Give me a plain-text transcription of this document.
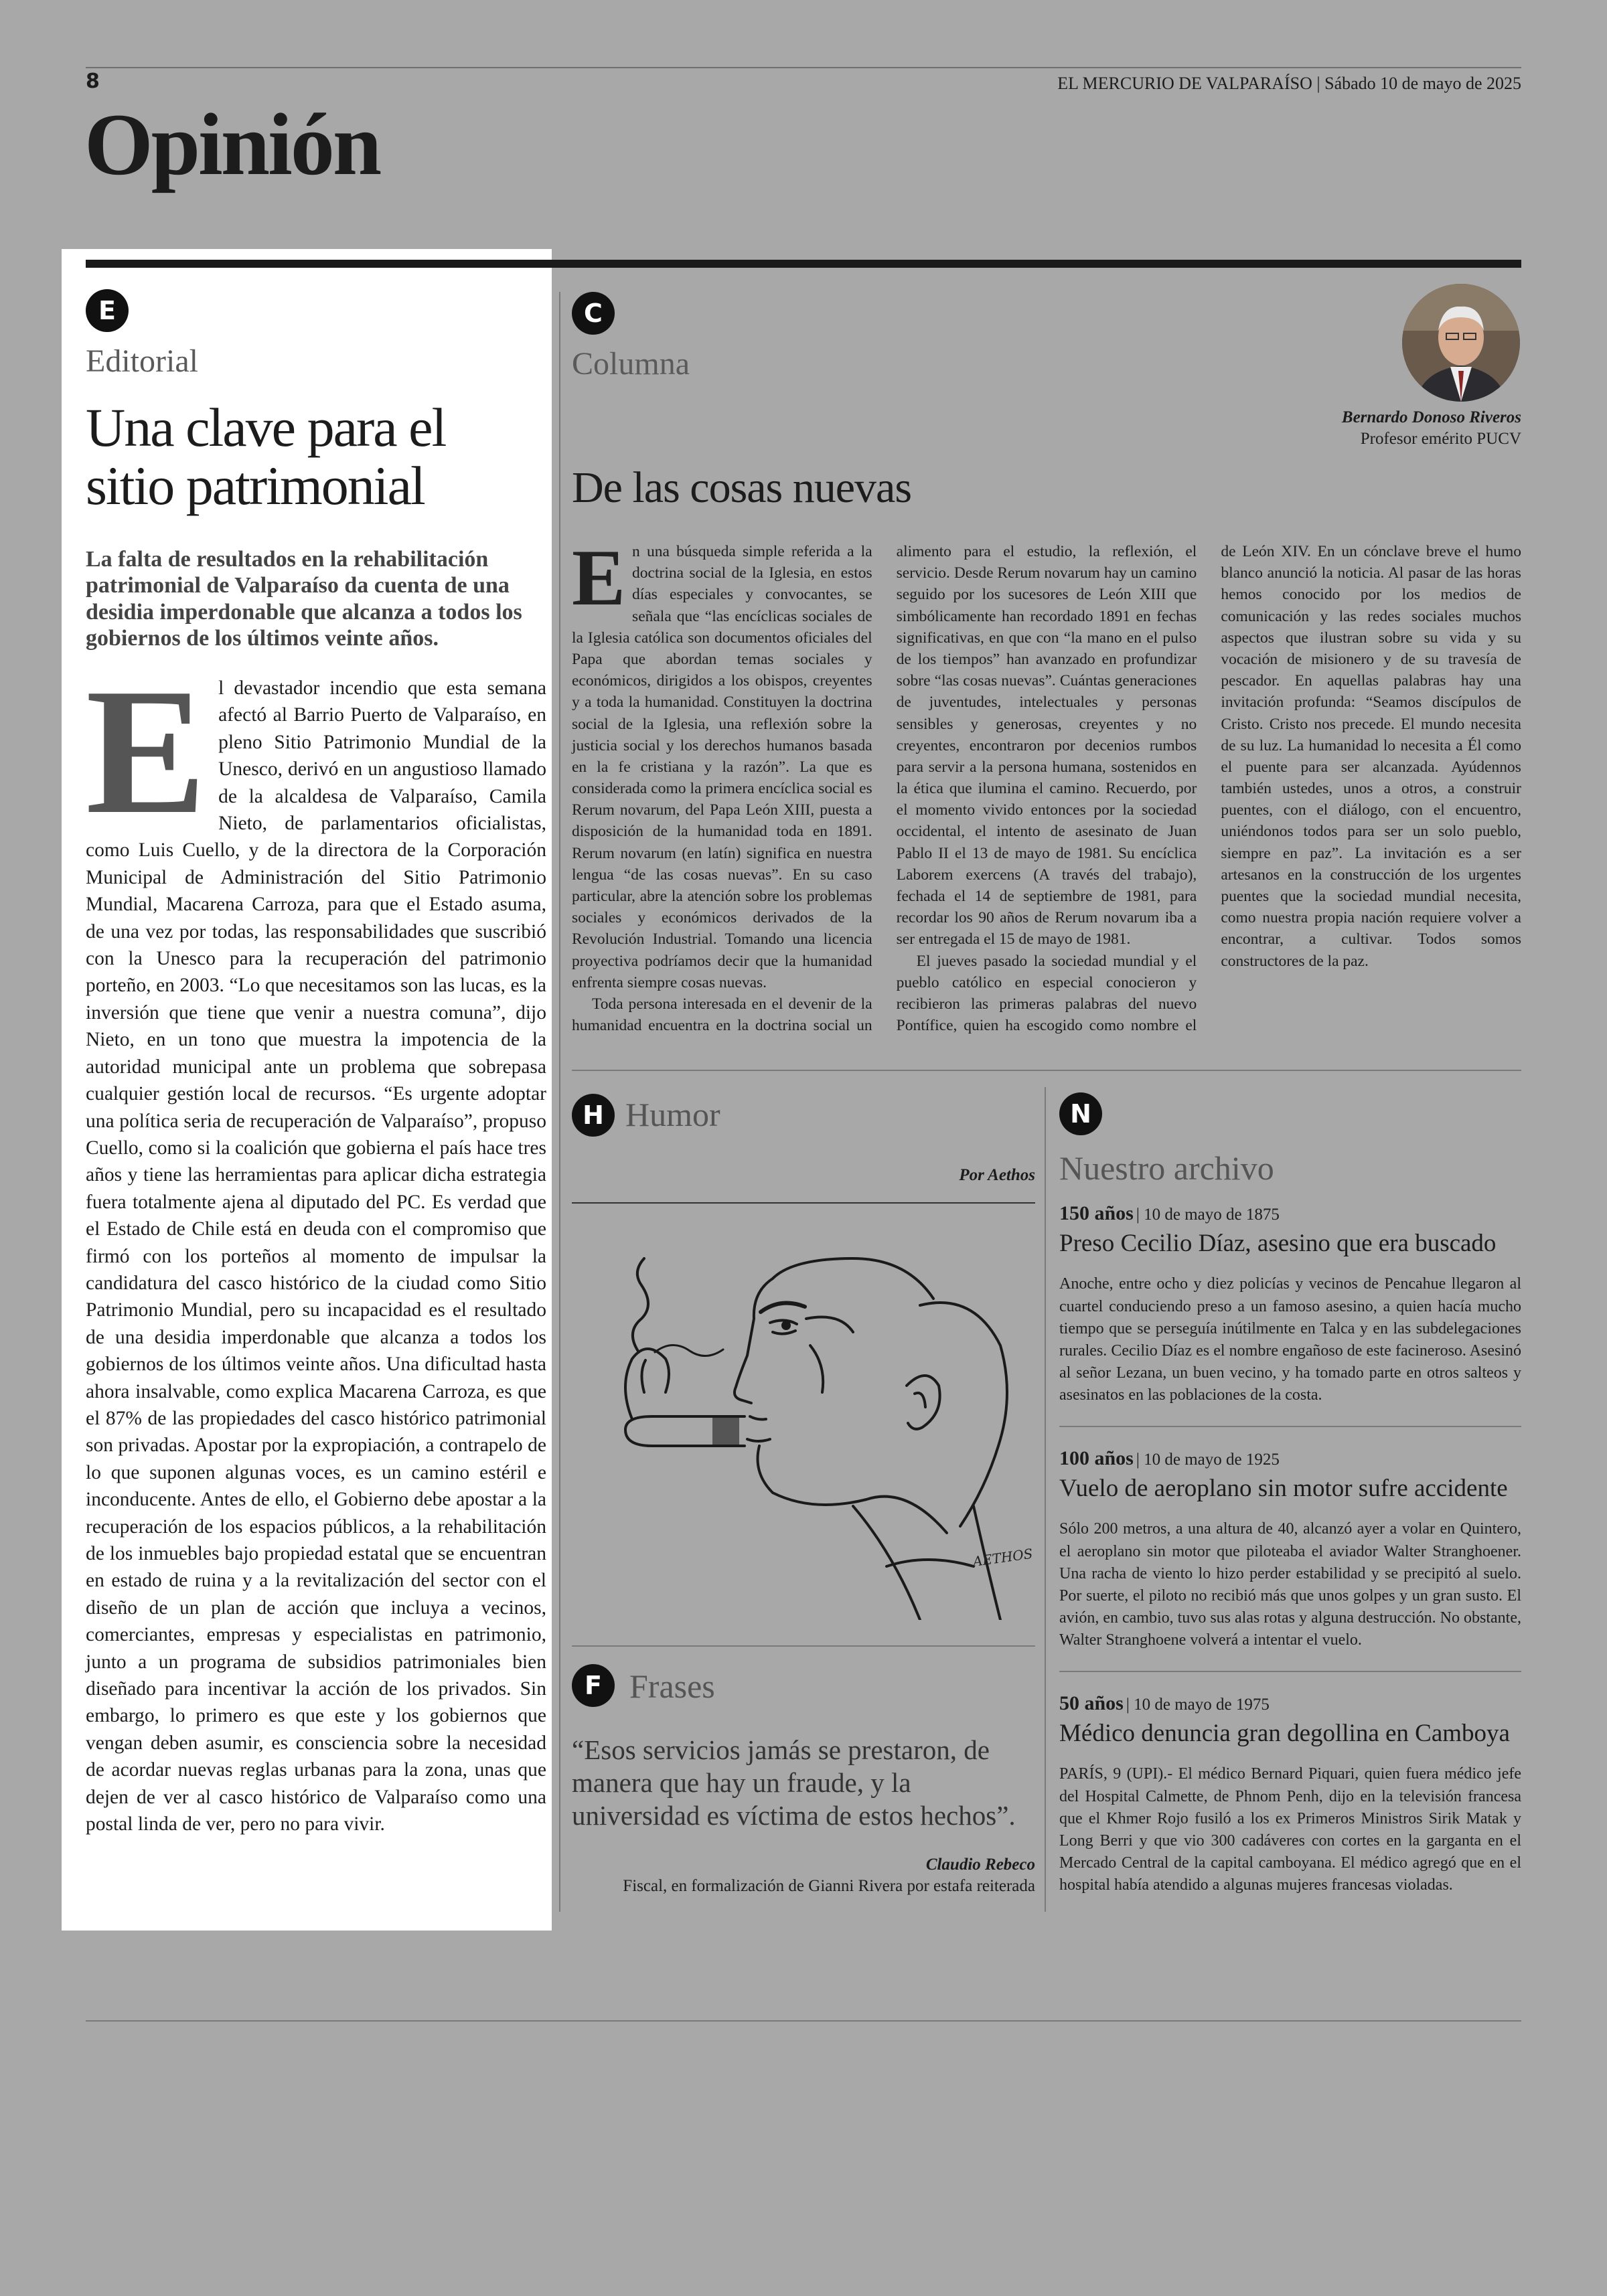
8	EL MERCURIO DE VALPARAÍSO | Sábado 10 de mayo de 2025
Opinión
E
Editorial
Una clave para el sitio patrimonial
La falta de resultados en la rehabilitación patrimonial de Valparaíso da cuenta de una desidia imperdonable que alcanza a todos los gobiernos de los últimos veinte años.
El devastador incendio que esta semana afectó al Barrio Puerto de Valparaíso, en pleno Sitio Patrimonio Mundial de la Unesco, derivó en un angustioso llamado de la alcaldesa de Valparaíso, Camila Nieto, de parlamentarios oficialistas, como Luis Cuello, y de la directora de la Corporación Municipal de Administración del Sitio Patrimonio Mundial, Macarena Carroza, para que el Estado asuma, de una vez por todas, las responsabilidades que suscribió con la Unesco para la recuperación del patrimonio porteño, en 2003. “Lo que necesitamos son las lucas, es la inversión que tiene que venir a nuestra comuna”, dijo Nieto, en un tono que muestra la impotencia de la autoridad municipal ante un problema que sobrepasa cualquier gestión local de recursos. “Es urgente adoptar una política seria de recuperación de Valparaíso”, propuso Cuello, como si la coalición que gobierna el país hace tres años y tiene las herramientas para aplicar dicha estrategia fuera totalmente ajena al diputado del PC. Es verdad que el Estado de Chile está en deuda con el compromiso que firmó con los porteños al momento de impulsar la candidatura del casco histórico de la ciudad como Sitio Patrimonio Mundial, pero su incapacidad es el resultado de una desidia imperdonable que alcanza a todos los gobiernos de los últimos veinte años. Una dificultad hasta ahora insalvable, como explica Macarena Carroza, es que el 87% de las propiedades del casco histórico patrimonial son privadas. Apostar por la expropiación, a contrapelo de lo que suponen algunas voces, es un camino estéril e inconducente. Antes de ello, el Gobierno debe apostar a la recuperación de los espacios públicos, a la rehabilitación de los inmuebles bajo propiedad estatal que se encuentran en estado de ruina y a la revitalización del sector con el diseño de un plan de acción que incluya a vecinos, comerciantes, empresas y especialistas en patrimonio, junto a un programa de subsidios patrimoniales bien diseñado para incentivar la acción de los privados. Sin embargo, lo primero es que este y los gobiernos que vengan deben asumir, es consciencia sobre la necesidad de acordar nuevas reglas urbanas para la zona, unas que dejen de ver al casco histórico de Valparaíso como una postal linda de ver, pero no para vivir.
C
Columna
Bernardo Donoso Riveros
Profesor emérito PUCV
De las cosas nuevas

En una búsqueda simple referida a la doctrina social de la Iglesia, en estos días especiales y convocantes, se señala que “las encíclicas sociales de la Iglesia católica son documentos oficiales del Papa que abordan temas sociales y económicos, dirigidos a los obispos, creyentes y a toda la humanidad. Constituyen la doctrina social de la Iglesia, una reflexión sobre la justicia social y los derechos humanos basada en la fe cristiana y la razón”. La que es considerada como la primera encíclica social es Rerum novarum, del Papa León XIII, puesta a disposición de la humanidad toda en 1891. Rerum novarum (en latín) significa en nuestra lengua “de las cosas nuevas”. En su caso particular, abre la atención sobre los problemas sociales y económicos derivados de la Revolución Industrial. Tomando una licencia proyectiva podríamos decir que la humanidad enfrenta siempre cosas nuevas.

Toda persona interesada en el devenir de la humanidad encuentra en la doctrina social un alimento para el estudio, la reflexión, el servicio. Desde Rerum novarum hay un camino seguido por los sucesores de León XIII que simbólicamente han recordado 1891 en fechas significativas, en que con “la mano en el pulso de los tiempos” han avanzado en profundizar sobre “las cosas nuevas”. Cuántas generaciones de juventudes, intelectuales y personas sensibles y generosas, creyentes y no creyentes, encontraron por decenios rumbos para servir a la persona humana, sostenidos en la ética que ilumina el camino. Recuerdo, por el momento vivido entonces por la sociedad occidental, el intento de asesinato de Juan Pablo II el 13 de mayo de 1981. Su encíclica Laborem exercens (A través del trabajo), fechada el 14 de septiembre de 1981, para recordar los 90 años de Rerum novarum iba a ser entregada el 15 de mayo de 1981.

El jueves pasado la sociedad mundial y el pueblo católico en especial conocieron y recibieron las primeras palabras del nuevo Pontífice, quien ha escogido como nombre el de León XIV. En un cónclave breve el humo blanco anunció la noticia. Al pasar de las horas hemos conocido por los medios de comunicación y las redes sociales muchos aspectos que ilustran sobre su vida y su vocación de misionero y de su travesía de pescador. En aquellas palabras hay una invitación profunda: “Seamos discípulos de Cristo. Cristo nos precede. El mundo necesita de su luz. La humanidad lo necesita a Él como el puente para ser alcanzada. Ayúdennos también ustedes, unos a otros, a construir puentes, con el diálogo, con el encuentro, uniéndonos todos para ser un solo pueblo, siempre en paz”. La invitación es a ser artesanos en la construcción de los urgentes puentes que la sociedad mundial necesita, como nuestra propia nación requiere volver a encontrar, a cultivar. Todos somos constructores de la paz.

H Humor
Por Aethos
AETHOS
F Frases
“Esos servicios jamás se prestaron, de manera que hay un fraude, y la universidad es víctima de estos hechos”.
Claudio Rebeco
Fiscal, en formalización de Gianni Rivera por estafa reiterada
N
Nuestro archivo
150 años | 10 de mayo de 1875
Preso Cecilio Díaz, asesino que era buscado
Anoche, entre ocho y diez policías y vecinos de Pencahue llegaron al cuartel conduciendo preso a un famoso asesino, a quien hacía mucho tiempo que se perseguía inútilmente en Talca y en las subdelegaciones rurales. Cecilio Díaz es el nombre engañoso de este facineroso. Asesinó al señor Lezana, un buen vecino, y ha tomado parte en otros salteos y asesinatos en las poblaciones de la costa.
100 años | 10 de mayo de 1925
Vuelo de aeroplano sin motor sufre accidente
Sólo 200 metros, a una altura de 40, alcanzó ayer a volar en Quintero, el aeroplano sin motor que piloteaba el aviador Walter Stranghoener. Una racha de viento lo hizo perder estabilidad y se precipitó al suelo. Por suerte, el piloto no recibió más que unos golpes y un gran susto. El avión, en cambio, tuvo sus alas rotas y alguna destrucción. No obstante, Walter Stranghoene volverá a intentar el vuelo.
50 años | 10 de mayo de 1975
Médico denuncia gran degollina en Camboya
PARÍS, 9 (UPI).- El médico Bernard Piquari, quien fuera médico jefe del Hospital Calmette, de Phnom Penh, dijo en la televisión francesa que el Khmer Rojo fusiló a los ex Primeros Ministros Sirik Matak y Long Berri y que vio 300 cadáveres con cortes en la garganta en el Mercado Central de la capital camboyana. El médico agregó que en el hospital había atendido a algunas mujeres francesas violadas.
